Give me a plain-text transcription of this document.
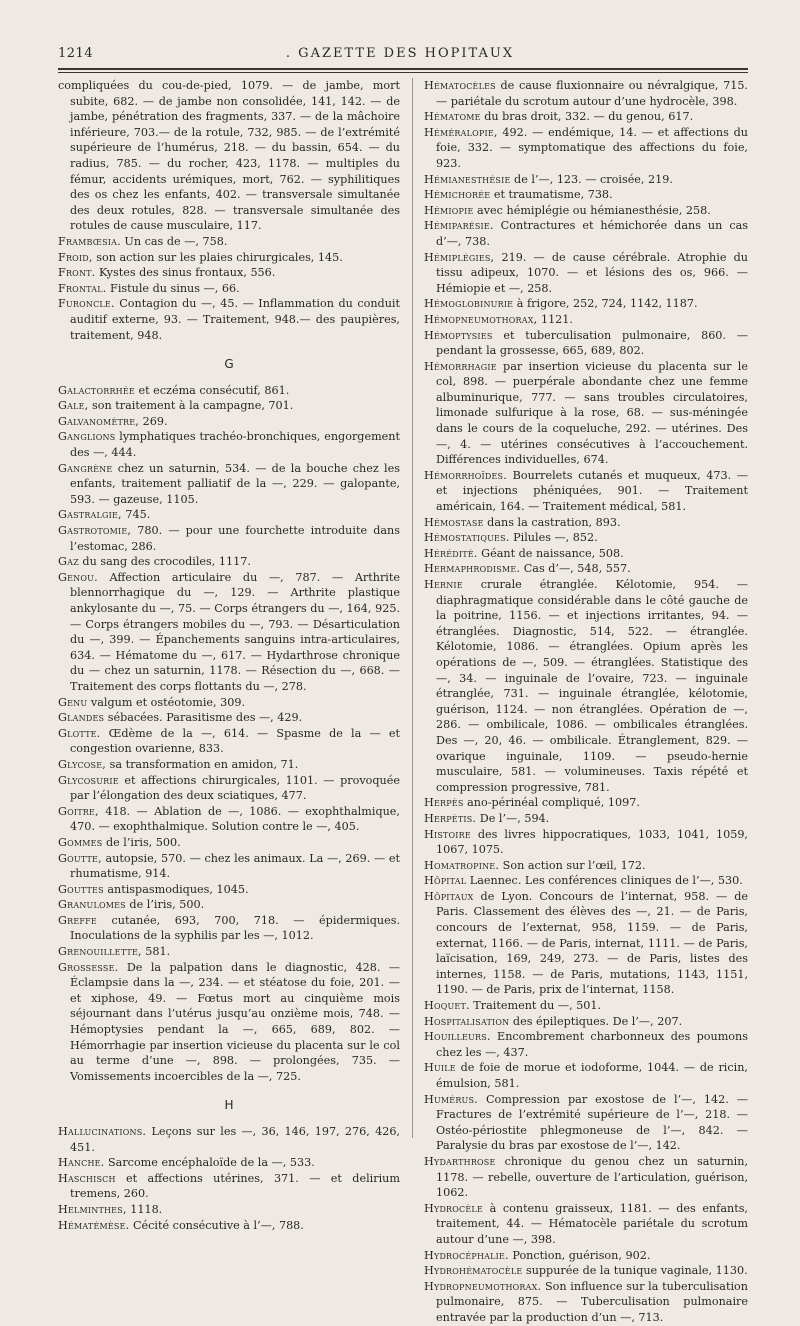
1214	. GAZETTE DES HOPITAUX

compliquées du cou-de-pied, 1079. — de jambe, mort subite, 682. — de jambe non consolidée, 141, 142. — de jambe, pénétration des fragments, 337. — de la mâchoire inférieure, 703.— de la rotule, 732, 985. — de l’extrémité supérieure de l’humérus, 218. — du bassin, 654. — du radius, 785. — du rocher, 423, 1178. — multiples du fémur, accidents urémiques, mort, 762. — syphilitiques des os chez les enfants, 402. — transversale simultanée des deux rotules, 828. — transversale simultanée des rotules de cause musculaire, 117.

Frambœsia. Un cas de —, 758.

Froid, son action sur les plaies chirurgicales, 145.

Front. Kystes des sinus frontaux, 556.

Frontal. Fistule du sinus —, 66.

Furoncle. Contagion du —, 45. — Inflammation du conduit auditif externe, 93. — Traitement, 948.— des paupières, traitement, 948.

G

Galactorrhée et eczéma consécutif, 861.

Gale, son traitement à la campagne, 701.

Galvanomètre, 269.

Ganglions lymphatiques trachéo-bronchiques, engorgement des —, 444.

Gangrène chez un saturnin, 534. — de la bouche chez les enfants, traitement palliatif de la —, 229. — galopante, 593. — gazeuse, 1105.

Gastralgie, 745.

Gastrotomie, 780. — pour une fourchette introduite dans l’estomac, 286.

Gaz du sang des crocodiles, 1117.

Genou. Affection articulaire du —, 787. — Arthrite blennorrhagique du —, 129. — Arthrite plastique ankylosante du —, 75. — Corps étrangers du —, 164, 925. — Corps étrangers mobiles du —, 793. — Désarticulation du —, 399. — Épanchements sanguins intra-articulaires, 634. — Hématome du —, 617. — Hydarthrose chronique du — chez un saturnin, 1178. — Résection du —, 668. — Traitement des corps flottants du —, 278.

Genu valgum et ostéotomie, 309.

Glandes sébacées. Parasitisme des —, 429.

Glotte. Œdème de la —, 614. — Spasme de la — et congestion ovarienne, 833.

Glycose, sa transformation en amidon, 71.

Glycosurie et affections chirurgicales, 1101. — provoquée par l’élongation des deux sciatiques, 477.

Goitre, 418. — Ablation de —, 1086. — exophthalmique, 470. — exophthalmique. Solution contre le —, 405.

Gommes de l’iris, 500.

Goutte, autopsie, 570. — chez les animaux. La —, 269. — et rhumatisme, 914.

Gouttes antispasmodiques, 1045.

Granulomes de l’iris, 500.

Greffe cutanée, 693, 700, 718. — épidermiques. Inoculations de la syphilis par les —, 1012.

Grenouillette, 581.

Grossesse. De la palpation dans le diagnostic, 428. — Éclampsie dans la —, 234. — et stéatose du foie, 201. — et xiphose, 49. — Fœtus mort au cinquième mois séjournant dans l’utérus jusqu’au onzième mois, 748. — Hémoptysies pendant la —, 665, 689, 802. — Hémorrhagie par insertion vicieuse du placenta sur le col au terme d’une —, 898. — prolongées, 735. — Vomissements incoercibles de la —, 725.

H

Hallucinations. Leçons sur les —, 36, 146, 197, 276, 426, 451.

Hanche. Sarcome encéphaloïde de la —, 533.

Haschisch et affections utérines, 371. — et delirium tremens, 260.

Helminthes, 1118.

Hématémèse. Cécité consécutive à l’—, 788.

Hématocèles de cause fluxionnaire ou névralgique, 715. — pariétale du scrotum autour d’une hydrocèle, 398.

Hématome du bras droit, 332. — du genou, 617.

Héméralopie, 492. — endémique, 14. — et affections du foie, 332. — symptomatique des affections du foie, 923.

Hémianesthésie de l’—, 123. — croisée, 219.

Hémichorée et traumatisme, 738.

Hémiopie avec hémiplégie ou hémianesthésie, 258.

Hémiparésie. Contractures et hémichorée dans un cas d’—, 738.

Hémiplégies, 219. — de cause cérébrale. Atrophie du tissu adipeux, 1070. — et lésions des os, 966. — Hémiopie et —, 258.

Hémoglobinurie à frigore, 252, 724, 1142, 1187.

Hémopneumothorax, 1121.

Hémoptysies et tuberculisation pulmonaire, 860. — pendant la grossesse, 665, 689, 802.

Hémorrhagie par insertion vicieuse du placenta sur le col, 898. — puerpérale abondante chez une femme albuminurique, 777. — sans troubles circulatoires, limonade sulfurique à la rose, 68. — sus-méningée dans le cours de la coqueluche, 292. — utérines. Des —, 4. — utérines consécutives à l’accouchement. Différences individuelles, 674.

Hémorrhoïdes. Bourrelets cutanés et muqueux, 473. — et injections phéniquées, 901. — Traitement américain, 164. — Traitement médical, 581.

Hémostase dans la castration, 893.

Hémostatiques. Pilules —, 852.

Hérédité. Géant de naissance, 508.

Hermaphrodisme. Cas d’—, 548, 557.

Hernie crurale étranglée. Kélotomie, 954. — diaphragmatique considérable dans le côté gauche de la poitrine, 1156. — et injections irritantes, 94. — étranglées. Diagnostic, 514, 522. — étranglée. Kélotomie, 1086. — étranglées. Opium après les opérations de —, 509. — étranglées. Statistique des —, 34. — inguinale de l’ovaire, 723. — inguinale étranglée, 731. — inguinale étranglée, kélotomie, guérison, 1124. — non étranglées. Opération de —, 286. — ombilicale, 1086. — ombilicales étranglées. Des —, 20, 46. — ombilicale. Étranglement, 829. — ovarique inguinale, 1109. — pseudo-hernie musculaire, 581. — volumineuses. Taxis répété et compression progressive, 781.

Herpès ano-périnéal compliqué, 1097.

Herpétis. De l’—, 594.

Histoire des livres hippocratiques, 1033, 1041, 1059, 1067, 1075.

Homatropine. Son action sur l’œil, 172.

Hôpital Laennec. Les conférences cliniques de l’—, 530.

Hôpitaux de Lyon. Concours de l’internat, 958. — de Paris. Classement des élèves des —, 21. — de Paris, concours de l’externat, 958, 1159. — de Paris, externat, 1166. — de Paris, internat, 1111. — de Paris, laïcisation, 169, 249, 273. — de Paris, listes des internes, 1158. — de Paris, mutations, 1143, 1151, 1190. — de Paris, prix de l’internat, 1158.

Hoquet. Traitement du —, 501.

Hospitalisation des épileptiques. De l’—, 207.

Houilleurs. Encombrement charbonneux des poumons chez les —, 437.

Huile de foie de morue et iodoforme, 1044. — de ricin, émulsion, 581.

Humérus. Compression par exostose de l’—, 142. — Fractures de l’extrémité supérieure de l’—, 218. — Ostéo-périostite phlegmoneuse de l’—, 842. — Paralysie du bras par exostose de l’—, 142.

Hydarthrose chronique du genou chez un saturnin, 1178. — rebelle, ouverture de l’articulation, guérison, 1062.

Hydrocèle à contenu graisseux, 1181. — des enfants, traitement, 44. — Hématocèle pariétale du scrotum autour d’une —, 398.

Hydrocéphalie. Ponction, guérison, 902.

Hydrohématocèle suppurée de la tunique vaginale, 1130.

Hydropneumothorax. Son influence sur la tuberculisation pulmonaire, 875. — Tuberculisation pulmonaire entravée par la production d’un —, 713.
